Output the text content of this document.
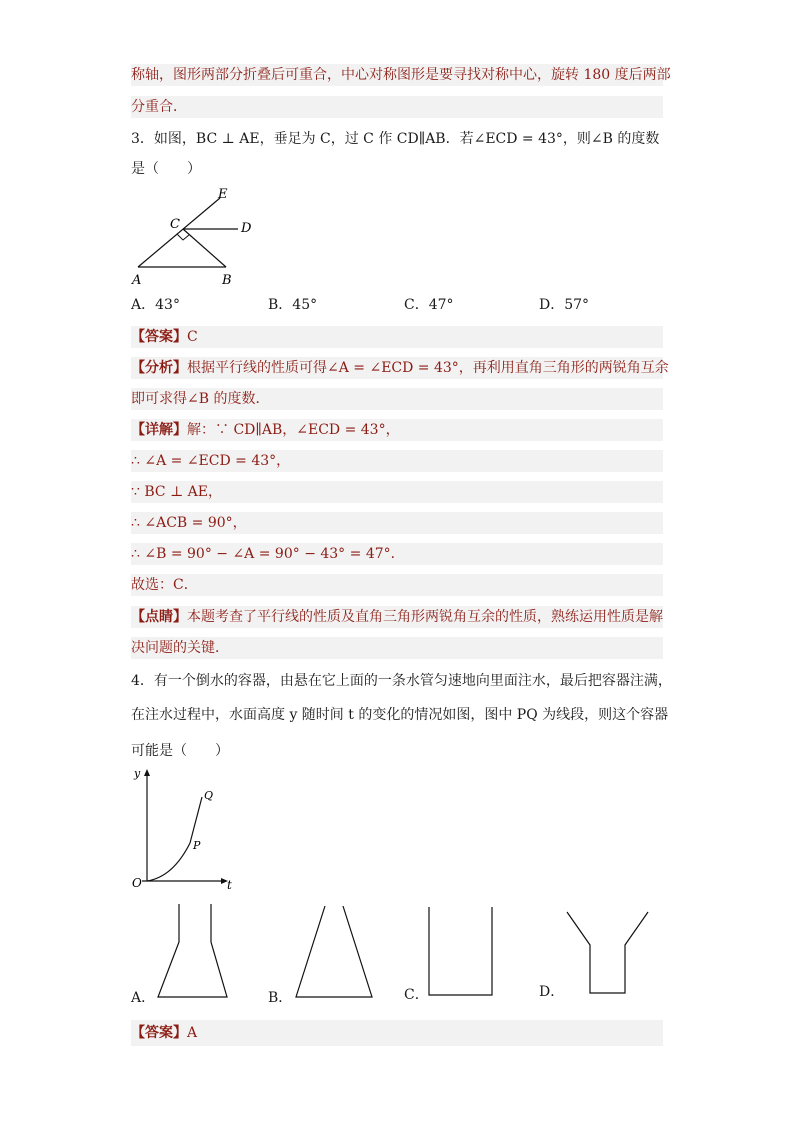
称轴，图形两部分折叠后可重合，中心对称图形是要寻找对称中心，旋转 180 度后两部
分重合．
3．如图，BC ⊥ AE，垂足为 C，过 C 作 CD∥AB．若∠ECD = 43°，则∠B 的度数
是（　　）
E
C	D
A	B
A．43°	B．45°	C．47°	D．57°
【答案】C
【分析】根据平行线的性质可得∠A = ∠ECD = 43°，再利用直角三角形的两锐角互余
即可求得∠B 的度数．
【详解】解：∵ CD∥AB，∠ECD = 43°，
∴ ∠A = ∠ECD = 43°，
∵ BC ⊥ AE，
∴ ∠ACB = 90°，
∴ ∠B = 90° − ∠A = 90° − 43° = 47°．
故选：C．
【点睛】本题考查了平行线的性质及直角三角形两锐角互余的性质，熟练运用性质是解
决问题的关键．
4．有一个倒水的容器，由悬在它上面的一条水管匀速地向里面注水，最后把容器注满，
在注水过程中，水面高度 y 随时间 t 的变化的情况如图，图中 PQ 为线段，则这个容器
可能是（　　）
y
t
O
P
Q
A．	B．	C．	D．
【答案】A
